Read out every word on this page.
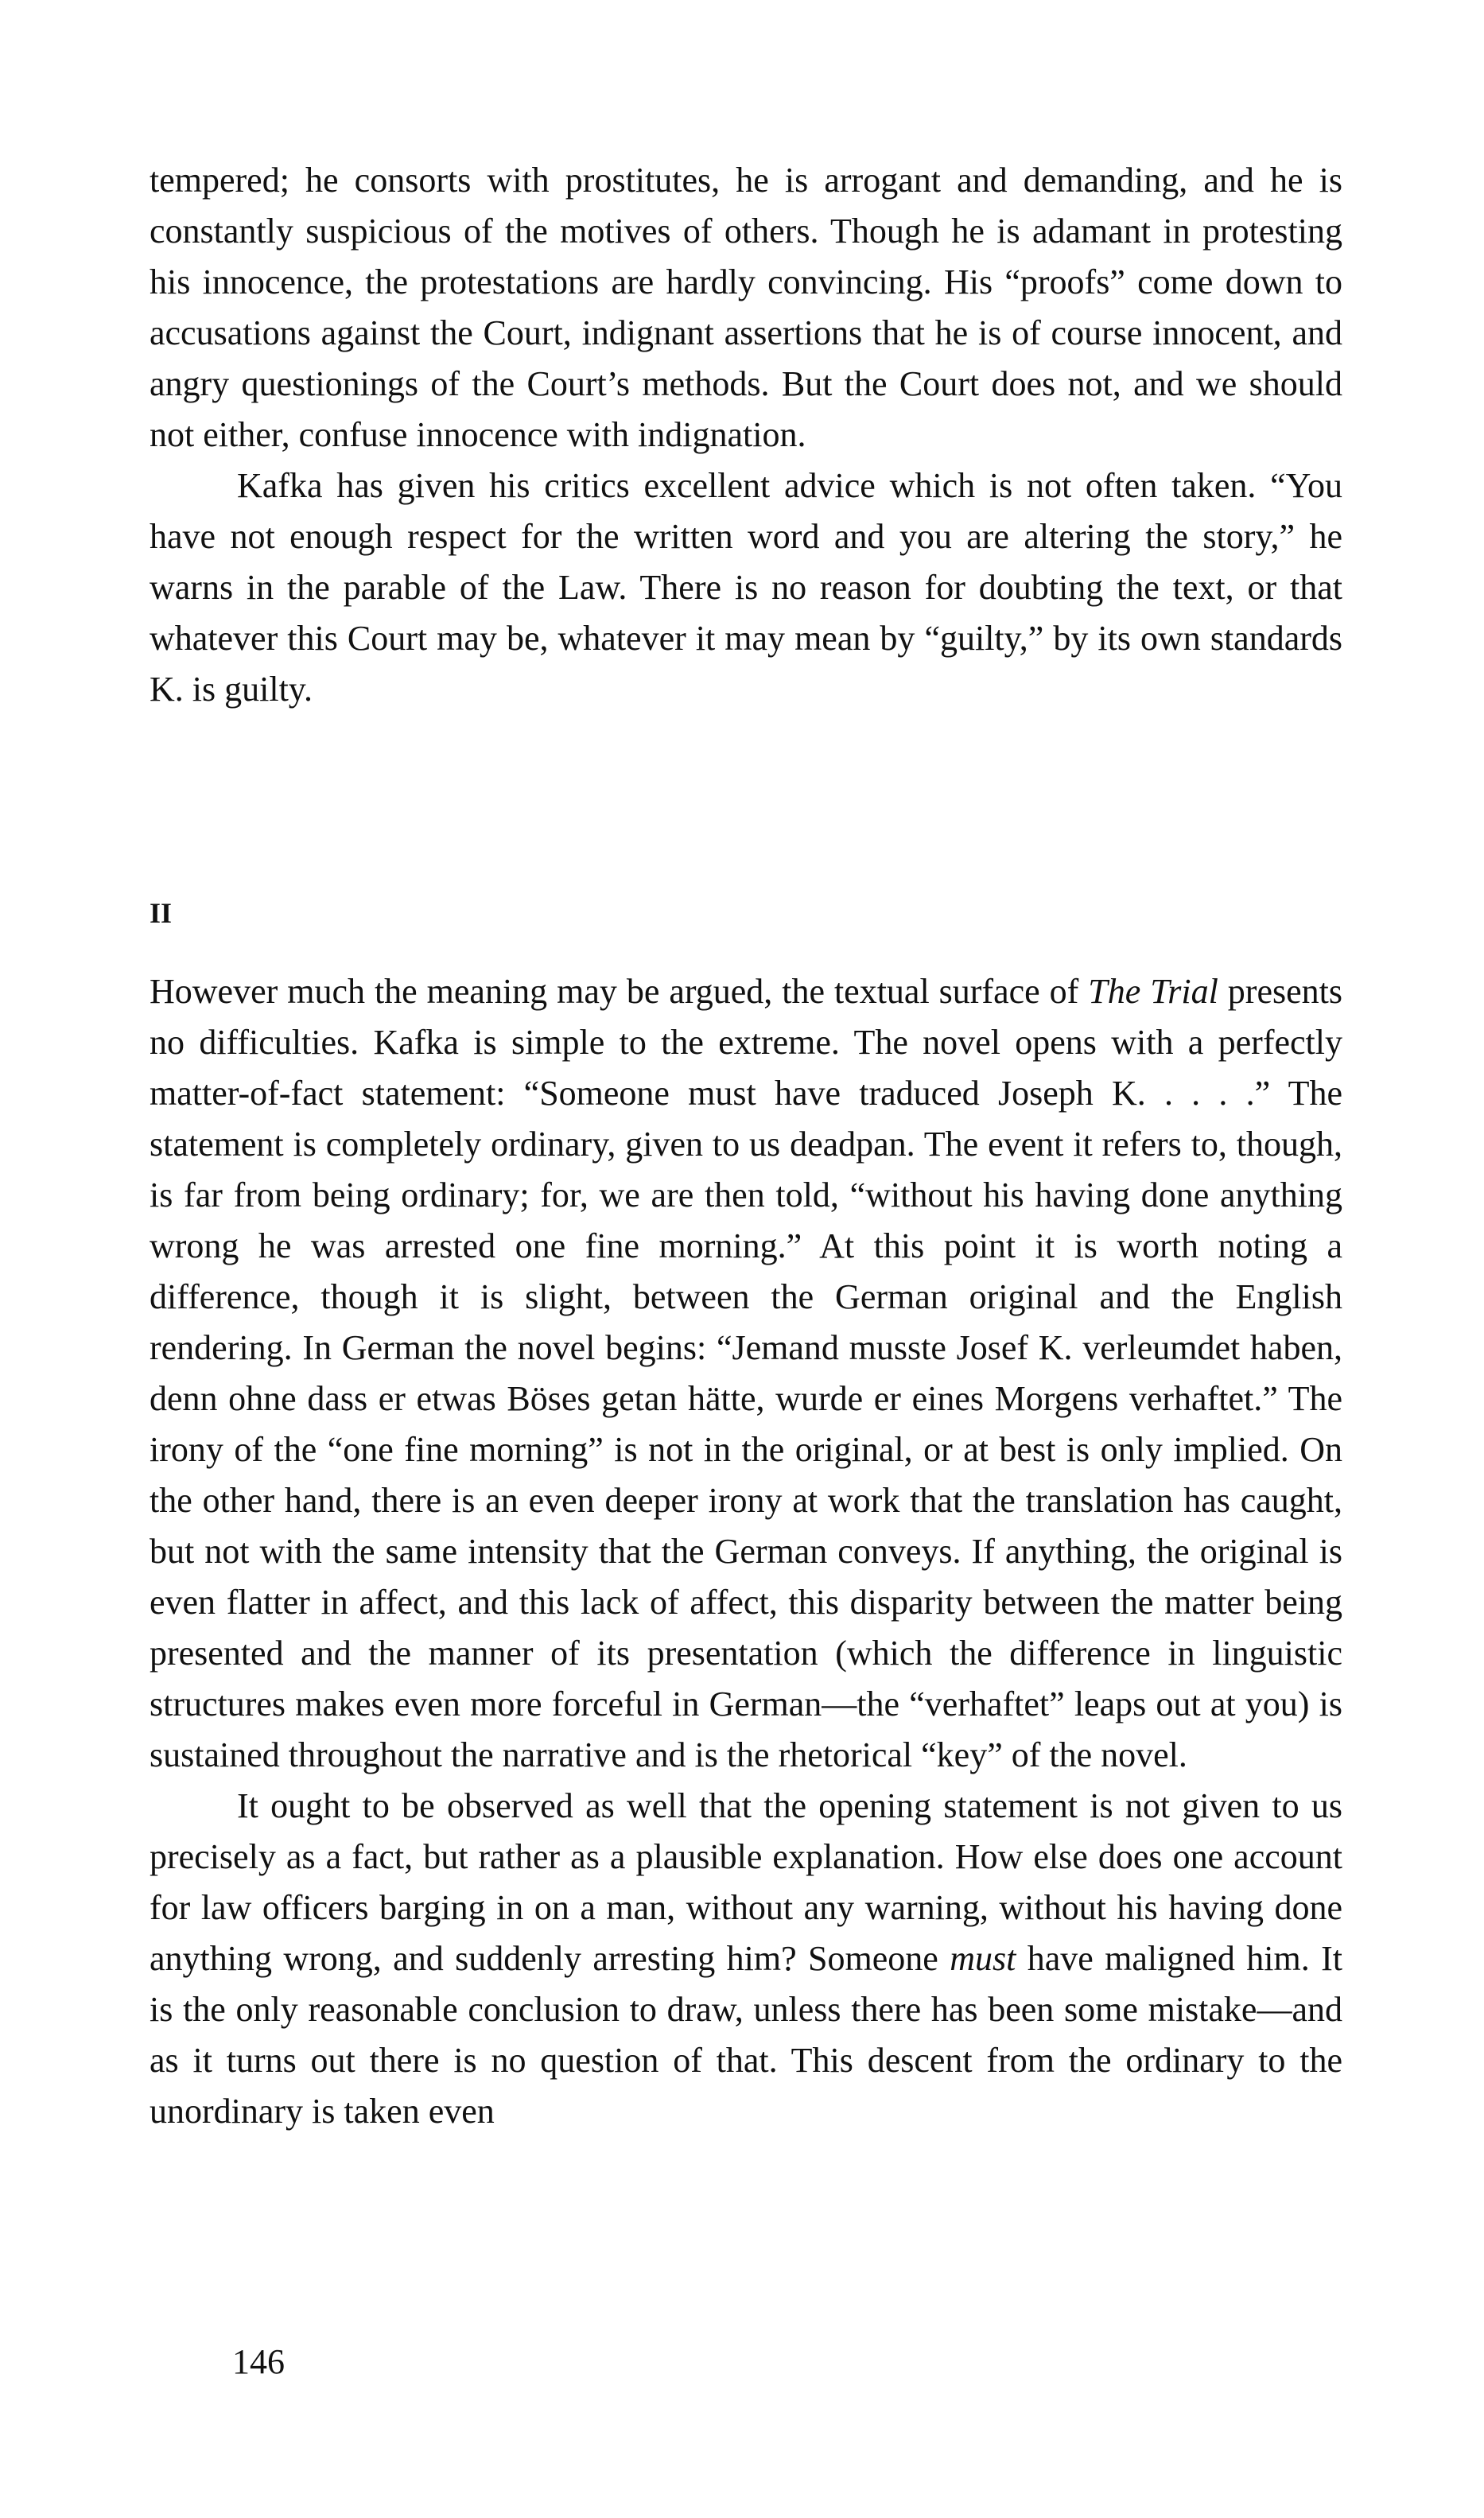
tempered; he consorts with prostitutes, he is arrogant and demanding, and he is constantly suspicious of the motives of others. Though he is adamant in protesting his innocence, the protestations are hardly convincing. His “proofs” come down to accusations against the Court, indignant assertions that he is of course innocent, and angry questionings of the Court’s methods. But the Court does not, and we should not either, confuse innocence with indignation.

Kafka has given his critics excellent advice which is not often taken. “You have not enough respect for the written word and you are altering the story,” he warns in the parable of the Law. There is no reason for doubting the text, or that whatever this Court may be, whatever it may mean by “guilty,” by its own standards K. is guilty.

II

However much the meaning may be argued, the textual surface of The Trial presents no difficulties. Kafka is simple to the extreme. The novel opens with a perfectly matter-of-fact statement: “Someone must have traduced Joseph K. . . . .” The statement is completely ordinary, given to us deadpan. The event it refers to, though, is far from being ordinary; for, we are then told, “without his having done anything wrong he was arrested one fine morning.” At this point it is worth noting a difference, though it is slight, between the German original and the English rendering. In German the novel begins: “Jemand musste Josef K. verleumdet haben, denn ohne dass er etwas Böses getan hätte, wurde er eines Morgens verhaftet.” The irony of the “one fine morning” is not in the original, or at best is only implied. On the other hand, there is an even deeper irony at work that the translation has caught, but not with the same intensity that the German conveys. If anything, the original is even flatter in affect, and this lack of affect, this disparity between the matter being presented and the manner of its presentation (which the difference in linguistic structures makes even more forceful in German—the “verhaftet” leaps out at you) is sustained throughout the narrative and is the rhetorical “key” of the novel.

It ought to be observed as well that the opening statement is not given to us precisely as a fact, but rather as a plausible explanation. How else does one account for law officers barging in on a man, without any warning, without his having done anything wrong, and suddenly arresting him? Someone must have maligned him. It is the only reasonable conclusion to draw, unless there has been some mistake—and as it turns out there is no question of that. This descent from the ordinary to the unordinary is taken even

146
